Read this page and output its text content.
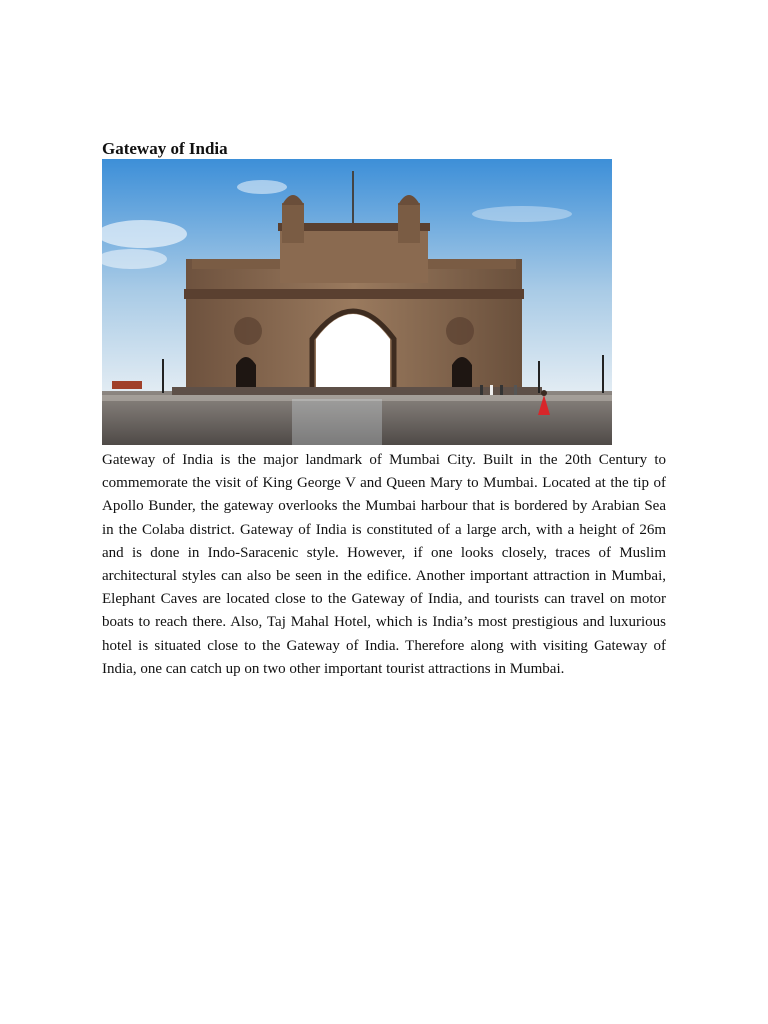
Gateway of India

Gateway of India is the major landmark of Mumbai City. Built in the 20th Century to commemorate the visit of King George V and Queen Mary to Mumbai. Located at the tip of Apollo Bunder, the gateway overlooks the Mumbai harbour that is bordered by Arabian Sea in the Colaba district. Gateway of India is constituted of a large arch, with a height of 26m and is done in Indo-Saracenic style. However, if one looks closely, traces of Muslim architectural styles can also be seen in the edifice. Another important attraction in Mumbai, Elephant Caves are located close to the Gateway of India, and tourists can travel on motor boats to reach there. Also, Taj Mahal Hotel, which is India’s most prestigious and luxurious hotel is situated close to the Gateway of India. Therefore along with visiting Gateway of India, one can catch up on two other important tourist attractions in Mumbai.
